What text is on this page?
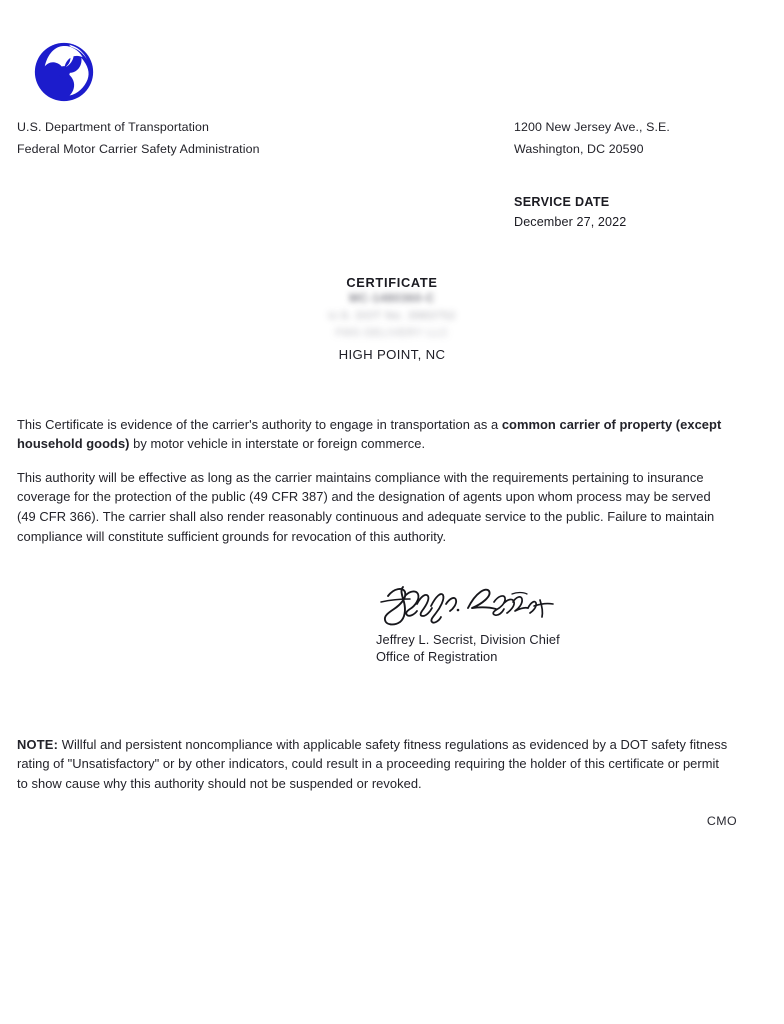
U.S. Department of Transportation
Federal Motor Carrier Safety Administration
1200 New Jersey Ave., S.E.
Washington, DC 20590
SERVICE DATE
December 27, 2022
CERTIFICATE
MC-1480360-C
U.S. DOT No. 3983752
FMS DELIVERY LLC
HIGH POINT, NC

This Certificate is evidence of the carrier's authority to engage in transportation as a common carrier of property (except household goods) by motor vehicle in interstate or foreign commerce.

This authority will be effective as long as the carrier maintains compliance with the requirements pertaining to insurance coverage for the protection of the public (49 CFR 387) and the designation of agents upon whom process may be served (49 CFR 366). The carrier shall also render reasonably continuous and adequate service to the public. Failure to maintain compliance will constitute sufficient grounds for revocation of this authority.

Jeffrey L. Secrist, Division Chief
Office of Registration

NOTE: Willful and persistent noncompliance with applicable safety fitness regulations as evidenced by a DOT safety fitness rating of "Unsatisfactory" or by other indicators, could result in a proceeding requiring the holder of this certificate or permit to show cause why this authority should not be suspended or revoked.

CMO
